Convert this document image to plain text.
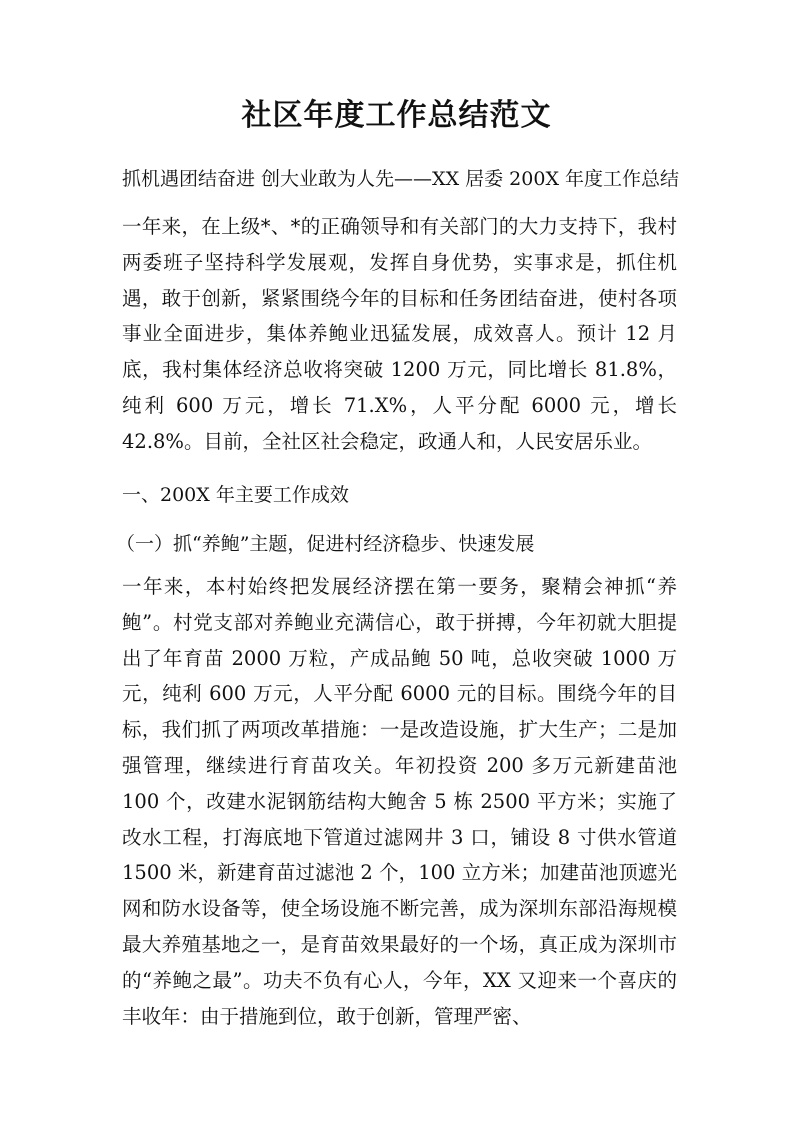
社区年度工作总结范文

抓机遇团结奋进 创大业敢为人先——XX 居委 200X 年度工作总结

一年来，在上级*、*的正确领导和有关部门的大力支持下，我村两委班子坚持科学发展观，发挥自身优势，实事求是，抓住机遇，敢于创新，紧紧围绕今年的目标和任务团结奋进，使村各项事业全面进步，集体养鲍业迅猛发展，成效喜人。预计 12 月底，我村集体经济总收将突破 1200 万元，同比增长 81.8%，纯利 600 万元，增长 71.X%，人平分配 6000 元，增长 42.8%。目前，全社区社会稳定，政通人和，人民安居乐业。

一、200X 年主要工作成效

（一）抓“养鲍”主题，促进村经济稳步、快速发展

一年来，本村始终把发展经济摆在第一要务，聚精会神抓“养鲍”。村党支部对养鲍业充满信心，敢于拼搏，今年初就大胆提出了年育苗 2000 万粒，产成品鲍 50 吨，总收突破 1000 万元，纯利 600 万元，人平分配 6000 元的目标。围绕今年的目标，我们抓了两项改革措施：一是改造设施，扩大生产；二是加强管理，继续进行育苗攻关。年初投资 200 多万元新建苗池 100 个，改建水泥钢筋结构大鲍舍 5 栋 2500 平方米；实施了改水工程，打海底地下管道过滤网井 3 口，铺设 8 寸供水管道 1500 米，新建育苗过滤池 2 个，100 立方米；加建苗池顶遮光网和防水设备等，使全场设施不断完善，成为深圳东部沿海规模最大养殖基地之一，是育苗效果最好的一个场，真正成为深圳市的“养鲍之最”。功夫不负有心人，今年，XX 又迎来一个喜庆的丰收年：由于措施到位，敢于创新，管理严密、
